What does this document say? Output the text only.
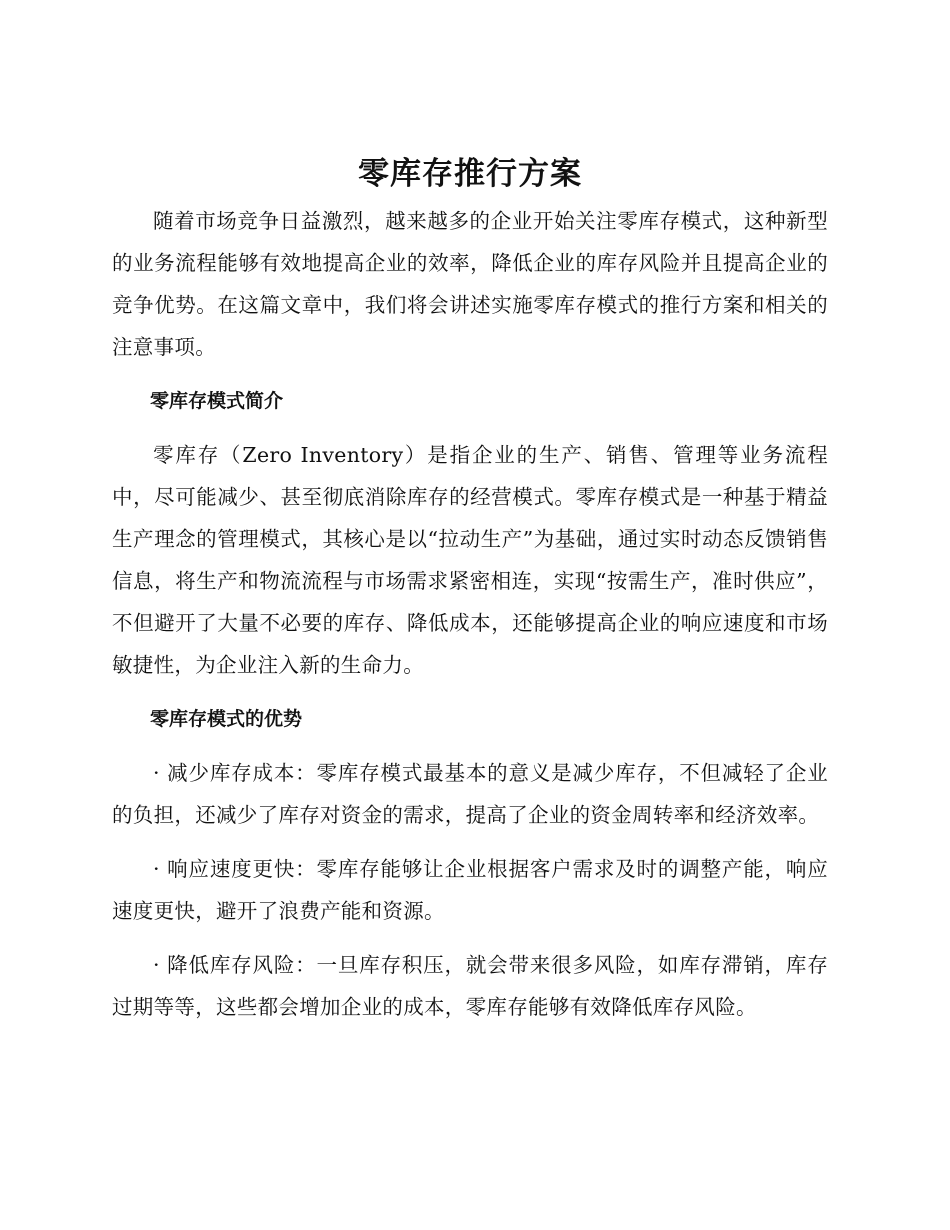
零库存推行方案

随着市场竞争日益激烈，越来越多的企业开始关注零库存模式，这种新型的业务流程能够有效地提高企业的效率，降低企业的库存风险并且提高企业的竞争优势。在这篇文章中，我们将会讲述实施零库存模式的推行方案和相关的注意事项。

零库存模式简介

零库存（Zero Inventory）是指企业的生产、销售、管理等业务流程中，尽可能减少、甚至彻底消除库存的经营模式。零库存模式是一种基于精益生产理念的管理模式，其核心是以“拉动生产”为基础，通过实时动态反馈销售信息，将生产和物流流程与市场需求紧密相连，实现“按需生产，准时供应”，不但避开了大量不必要的库存、降低成本，还能够提高企业的响应速度和市场敏捷性，为企业注入新的生命力。

零库存模式的优势

· 减少库存成本：零库存模式最基本的意义是减少库存，不但减轻了企业的负担，还减少了库存对资金的需求，提高了企业的资金周转率和经济效率。

· 响应速度更快：零库存能够让企业根据客户需求及时的调整产能，响应速度更快，避开了浪费产能和资源。

· 降低库存风险：一旦库存积压，就会带来很多风险，如库存滞销，库存过期等等，这些都会增加企业的成本，零库存能够有效降低库存风险。
